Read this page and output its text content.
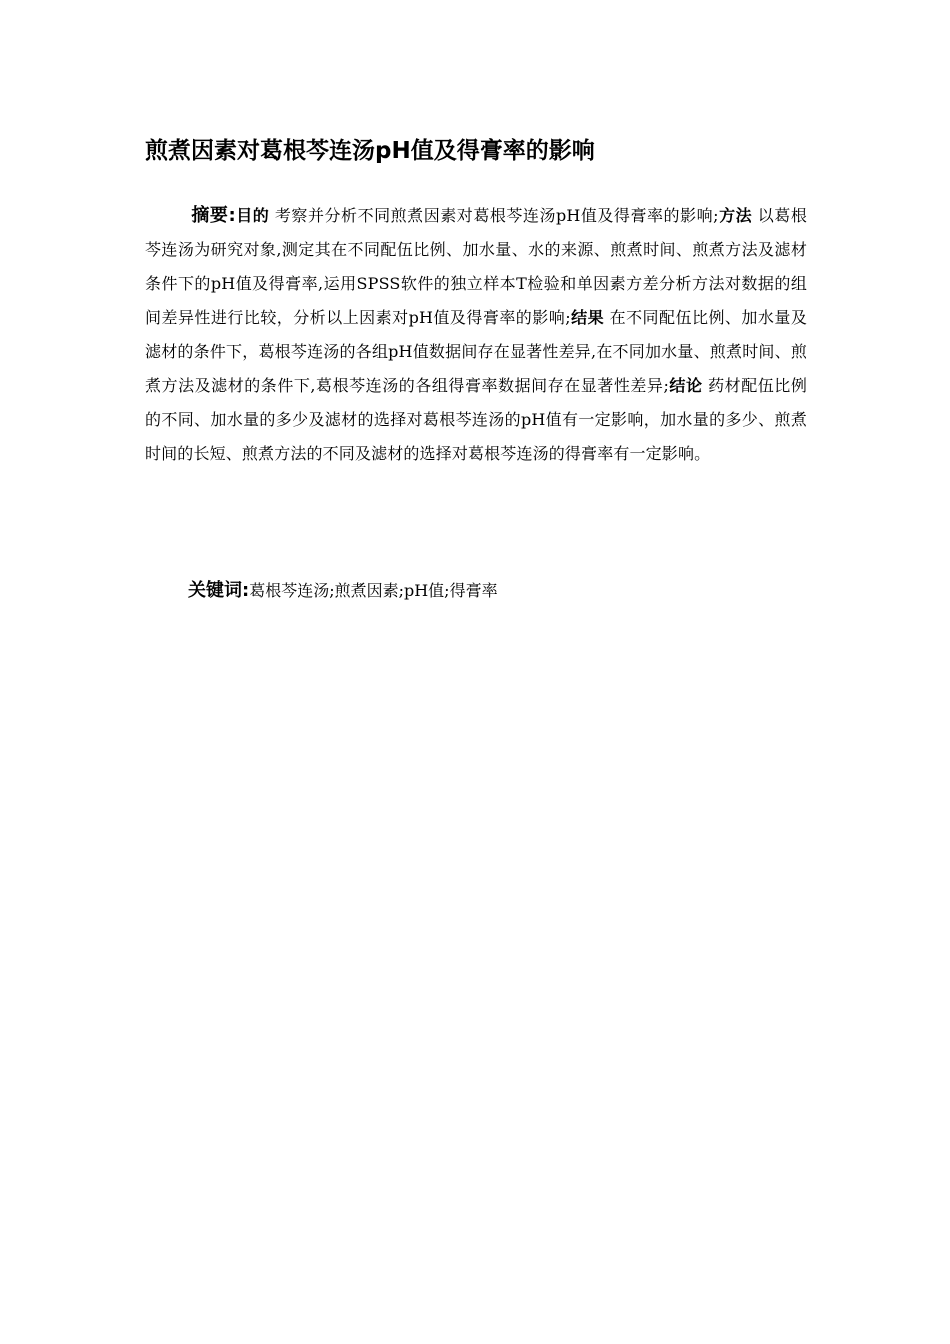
煎煮因素对葛根芩连汤pH值及得膏率的影响
摘要:目的 考察并分析不同煎煮因素对葛根芩连汤pH值及得膏率的影响;方法 以葛根芩连汤为研究对象,测定其在不同配伍比例、加水量、水的来源、煎煮时间、煎煮方法及滤材条件下的pH值及得膏率,运用SPSS软件的独立样本T检验和单因素方差分析方法对数据的组间差异性进行比较，分析以上因素对pH值及得膏率的影响;结果 在不同配伍比例、加水量及滤材的条件下，葛根芩连汤的各组pH值数据间存在显著性差异,在不同加水量、煎煮时间、煎煮方法及滤材的条件下,葛根芩连汤的各组得膏率数据间存在显著性差异;结论 药材配伍比例的不同、加水量的多少及滤材的选择对葛根芩连汤的pH值有一定影响，加水量的多少、煎煮时间的长短、煎煮方法的不同及滤材的选择对葛根芩连汤的得膏率有一定影响。
关键词:葛根芩连汤;煎煮因素;pH值;得膏率
